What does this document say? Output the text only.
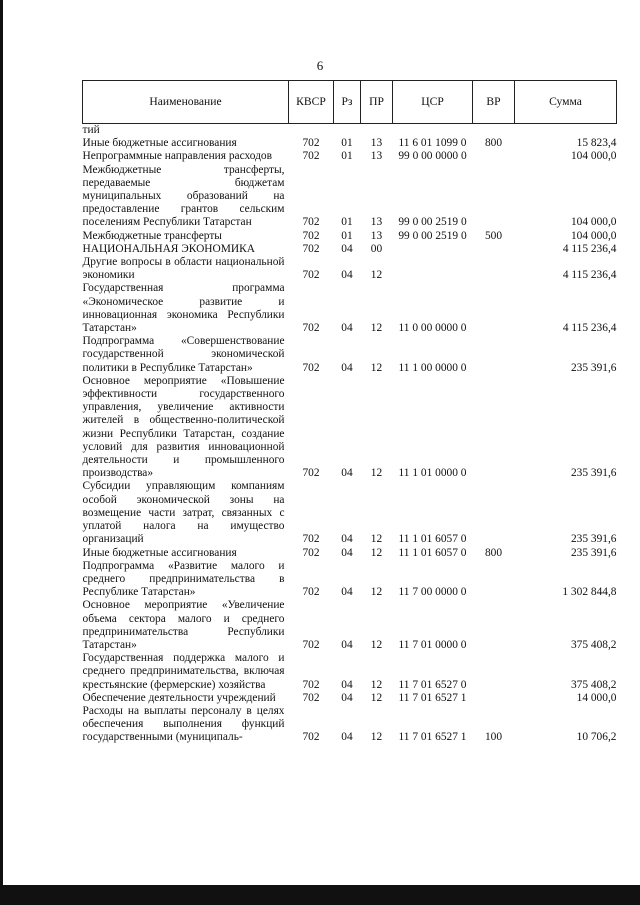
6
Наименование	КВСР	Рз	ПР	ЦСР	ВР	Сумма
тий						
Иные бюджетные ассигнования	702	01	13	11 6 01 1099 0	800	15 823,4
Непрограммные направления расходов	702	01	13	99 0 00 0000 0		104 000,0
Межбюджетные трансферты, передаваемые бюджетам муниципальных образований на предоставление грантов сельским поселениям Республики Татарстан	702	01	13	99 0 00 2519 0		104 000,0
Межбюджетные трансферты	702	01	13	99 0 00 2519 0	500	104 000,0
НАЦИОНАЛЬНАЯ ЭКОНОМИКА	702	04	00			4 115 236,4
Другие вопросы в области национальной экономики	702	04	12			4 115 236,4
Государственная программа «Экономическое развитие и инновационная экономика Республики Татарстан»	702	04	12	11 0 00 0000 0		4 115 236,4
Подпрограмма «Совершенствование государственной экономической политики в Республике Татарстан»	702	04	12	11 1 00 0000 0		235 391,6
Основное мероприятие «Повышение эффективности государственного управления, увеличение активности жителей в общественно-политической жизни Республики Татарстан, создание условий для развития инновационной деятельности и промышленного производства»	702	04	12	11 1 01 0000 0		235 391,6
Субсидии управляющим компаниям особой экономической зоны на возмещение части затрат, связанных с уплатой налога на имущество организаций	702	04	12	11 1 01 6057 0		235 391,6
Иные бюджетные ассигнования	702	04	12	11 1 01 6057 0	800	235 391,6
Подпрограмма «Развитие малого и среднего предпринимательства в Республике Татарстан»	702	04	12	11 7 00 0000 0		1 302 844,8
Основное мероприятие «Увеличение объема сектора малого и среднего предпринимательства Республики Татарстан»	702	04	12	11 7 01 0000 0		375 408,2
Государственная поддержка малого и среднего предпринимательства, включая крестьянские (фермерские) хозяйства	702	04	12	11 7 01 6527 0		375 408,2
Обеспечение деятельности учреждений	702	04	12	11 7 01 6527 1		14 000,0
Расходы на выплаты персоналу в целях обеспечения выполнения функций государственными (муниципаль-	702	04	12	11 7 01 6527 1	100	10 706,2
